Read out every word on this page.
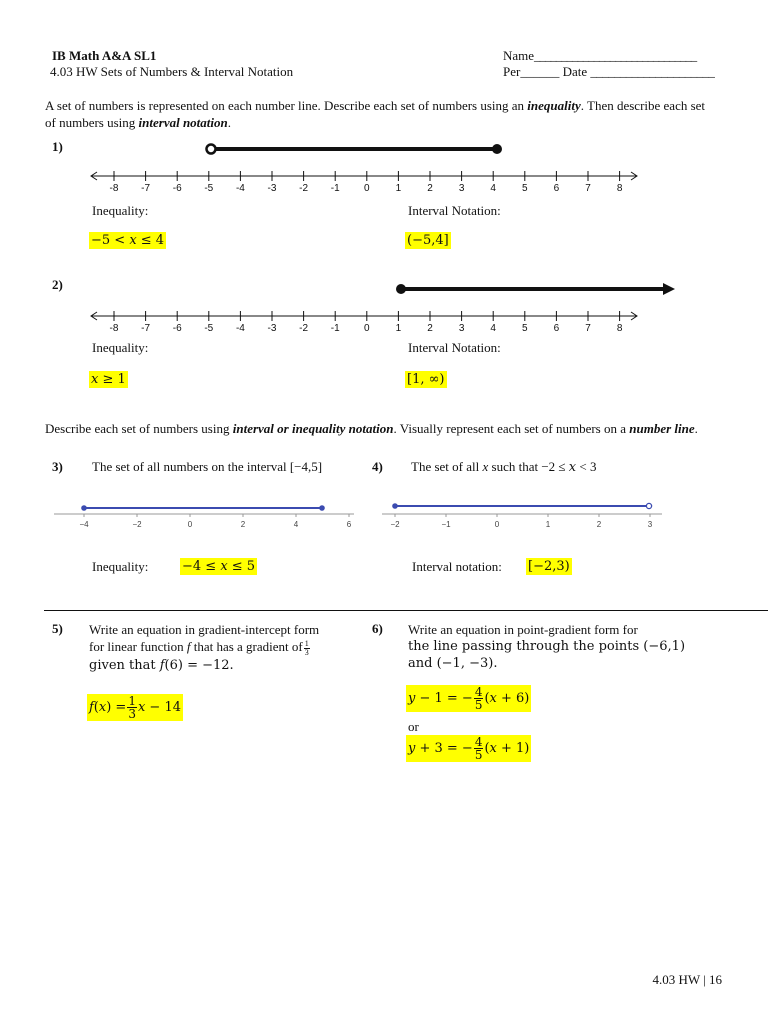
IB Math A&A SL1
4.03 HW Sets of Numbers & Interval Notation
Name______________________________
Per______ Date _____________________
A set of numbers is represented on each number line. Describe each set of numbers using an inequality. Then describe each set of numbers using interval notation.
1)
-8 -7 -6 -5 -4 -3 -2 -1 0	1	2	3	4	5	6	7	8
Inequality:
−5 < 𝑥 ≤ 4
Interval Notation:
(−5,4]
2)
-8 -7 -6 -5 -4 -3 -2 -1 0	1	2	3	4	5	6	7	8
Inequality:
𝑥 ≥ 1
Interval Notation:
[1, ∞)
Describe each set of numbers using interval or inequality notation. Visually represent each set of numbers on a number line.
3) The set of all numbers on the interval [−4,5]
−4	−2	0	2	4	6
Inequality:	−4 ≤ 𝑥 ≤ 5
4) The set of all x such that −2 ≤ 𝑥 < 3
−2	−1	0	1	2	3
Interval notation: [−2,3)
5) Write an equation in gradient-intercept form
for linear function f that has a gradient of $\frac{1}{3}$
given that 𝑓(6) = −12.
𝑓(𝑥) = $\frac{1}{3}$ 𝑥 − 14
6) Write an equation in point-gradient form for
the line passing through the points (−6,1)
and (−1, −3).
𝑦 − 1 = − $\frac{4}{5}$ (𝑥 + 6)
or
𝑦 + 3 = − $\frac{4}{5}$ (𝑥 + 1)
4.03 HW | 16
